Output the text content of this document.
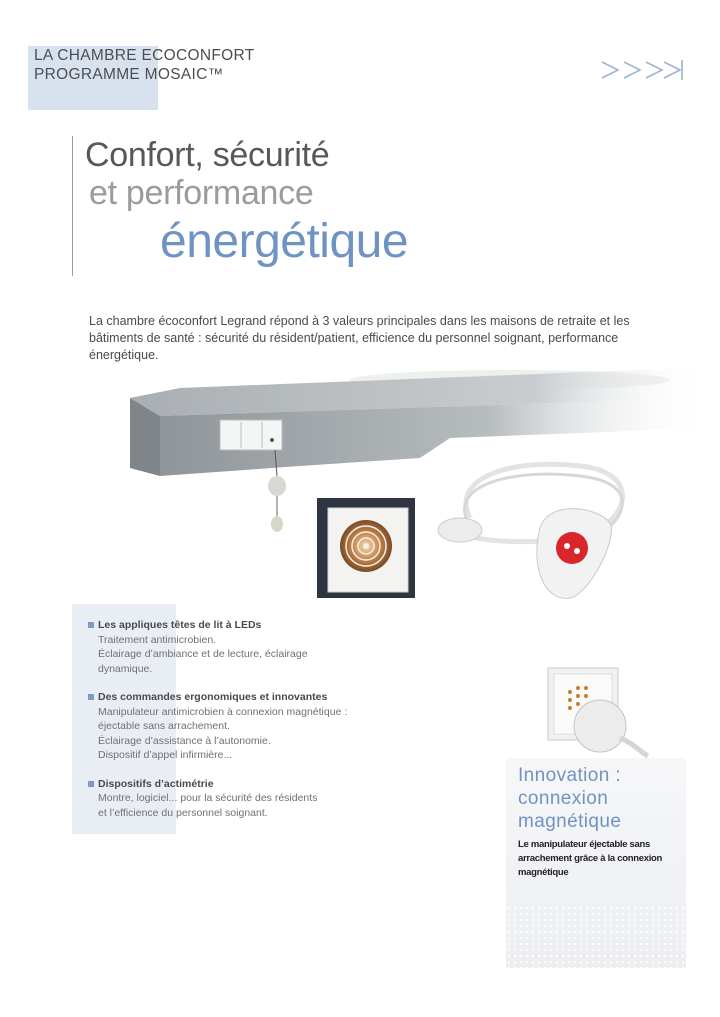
LA CHAMBRE ECOCONFORT
PROGRAMME MOSAIC™
Confort, sécurité
et performance
énergétique
La chambre écoconfort Legrand répond à 3 valeurs principales dans les maisons de retraite et les bâtiments de santé : sécurité du résident/patient, efficience du personnel soignant, performance énergétique.
Les appliques têtes de lit à LEDs
Traitement antimicrobien.
Éclairage d’ambiance et de lecture, éclairage
dynamique.
Des commandes ergonomiques et innovantes
Manipulateur antimicrobien à connexion magnétique :
éjectable sans arrachement.
Éclairage d’assistance à l’autonomie.
Dispositif d’appel infirmière...
Dispositifs d’actimétrie
Montre, logiciel... pour la sécurité des résidents
et l’efficience du personnel soignant.
Innovation :
connexion
magnétique
Le manipulateur éjectable sans
arrachement grâce à la connexion
magnétique
